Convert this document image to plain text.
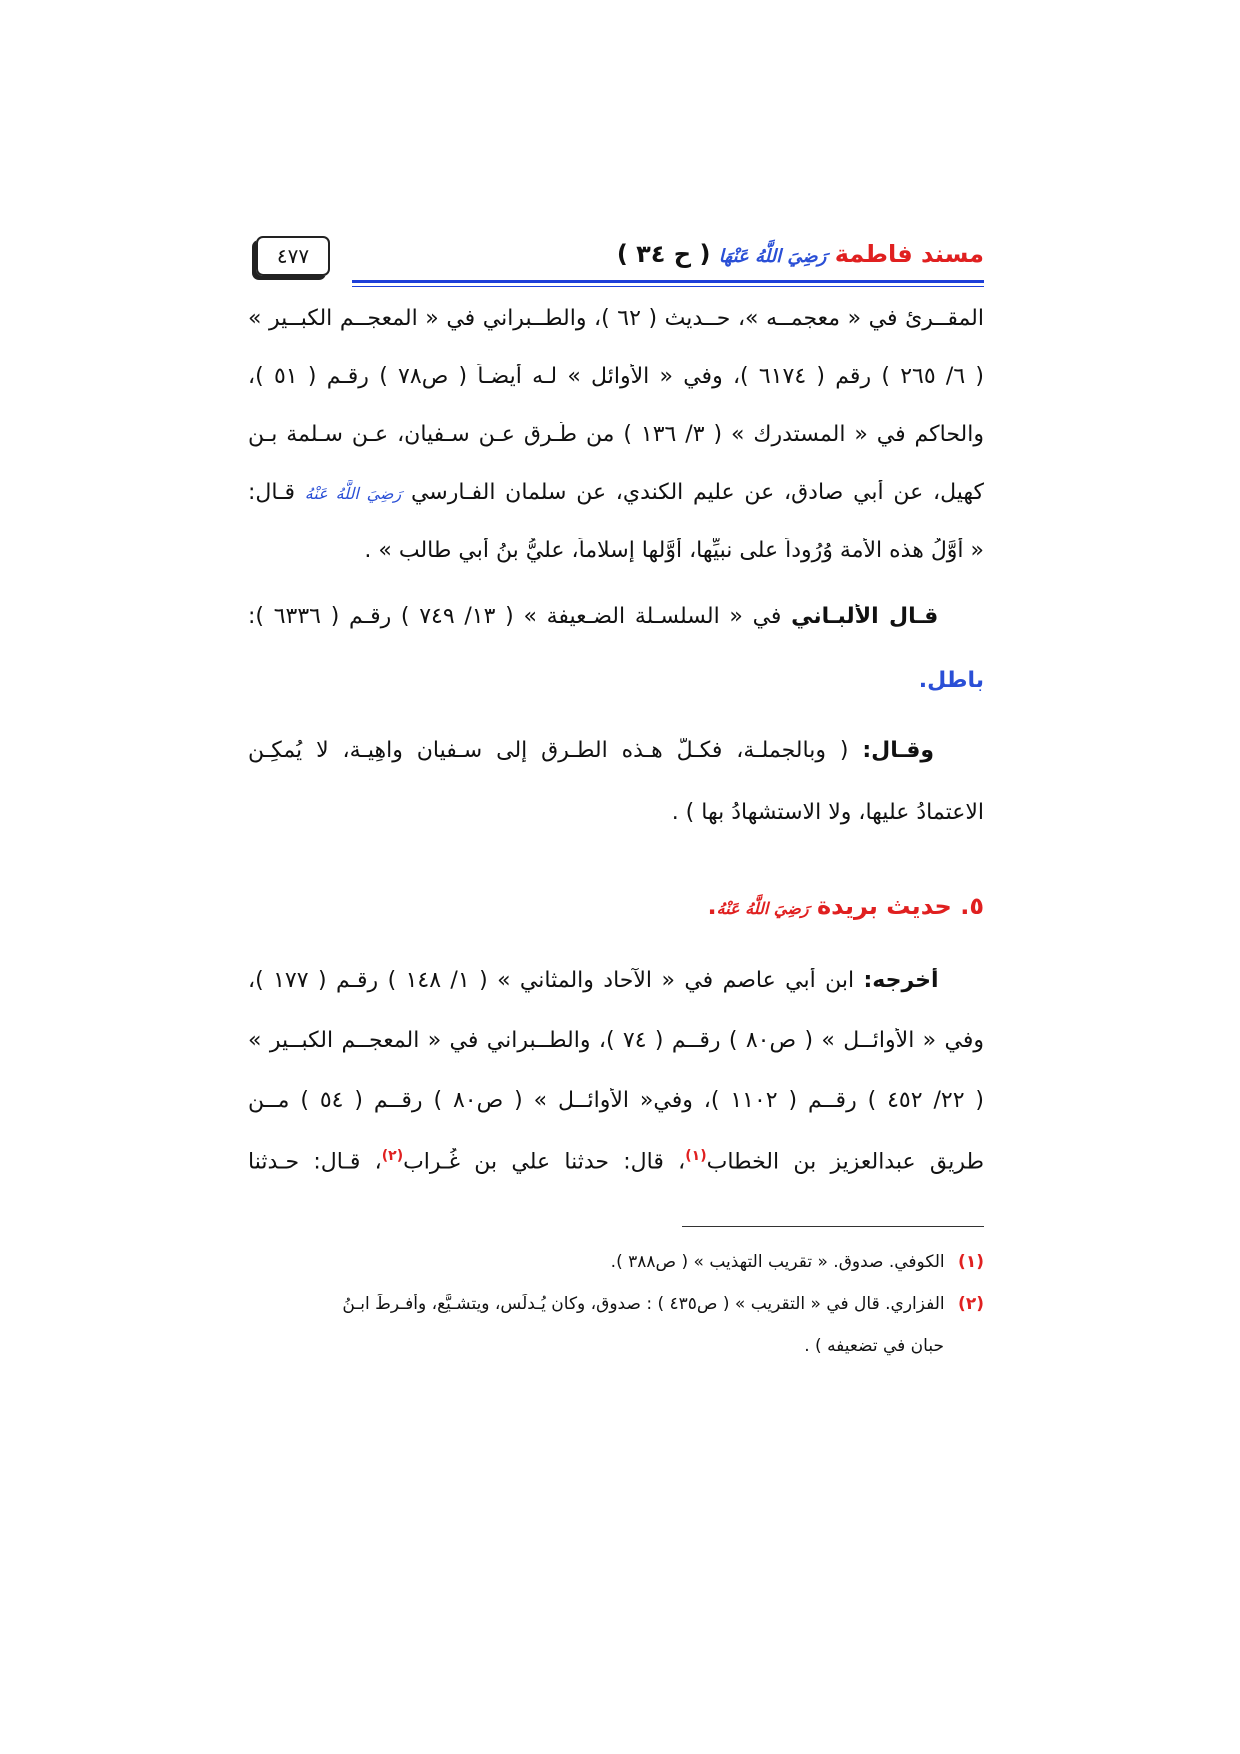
مسند فاطمة رَضِيَ اللَّهُ عَنْهَا ( ح ٣٤ )
٤٧٧
المقــرئ في « معجمــه »، حــديث ( ٦٢ )، والطــبراني في « المعجــم الكبــير »
( ٦/ ٢٦٥ ) رقم ( ٦١٧٤ )، وفي « الأوائل » لـه أيضـاً ( ص٧٨ ) رقـم ( ٥١ )،
والحاكم في « المستدرك » ( ٣/ ١٣٦ ) من طُـرقٍ عـن سـفيان، عـن سـلمة بـن
كهيل، عن أبي صادق، عن عليم الكندي، عن سلمان الفـارسي رَضِيَ اللَّهُ عَنْهُ قـال:
« أوَّلُ هذه الأمة وُرُوداً على نبيِّها، أوَّلها إسلاماً، عليُّ بنُ أبي طالب » .
قـال الألبـاني في « السلسـلة الضـعيفة » ( ١٣/ ٧٤٩ ) رقـم ( ٦٣٣٦ ):
باطل.
وقـال: ( وبالجملـة، فكـلُّ هـذه الطـرق إلى سـفيان واهِيـة، لا يُمكِـن
الاعتمادُ عليها، ولا الاستشهادُ بها ) .
٥. حديث بريدة رَضِيَ اللَّهُ عَنْهُ.
أخرجه: ابن أبي عاصم في « الآحاد والمثاني » ( ١/ ١٤٨ ) رقـم ( ١٧٧ )،
وفي « الأوائــل » ( ص٨٠ ) رقــم ( ٧٤ )، والطــبراني في « المعجــم الكبــير »
( ٢٢/ ٤٥٢ ) رقــم ( ١١٠٢ )، وفي« الأوائــل » ( ص٨٠ ) رقــم ( ٥٤ ) مــن
طريق عبدالعزيز بن الخطاب$^{(١)}$، قال: حدثنا علي بن غُـراب$^{(٢)}$، قـال: حـدثنا
(١) الكوفي. صدوق. « تقريب التهذيب » ( ص٣٨٨ ).
(٢) الفزاري. قال في « التقريب » ( ص٤٣٥ ) : صدوق، وكان يُـدلِّس، ويتشـيَّع، وأفـرطَ ابـنُ
حبان في تضعيفه ) .
